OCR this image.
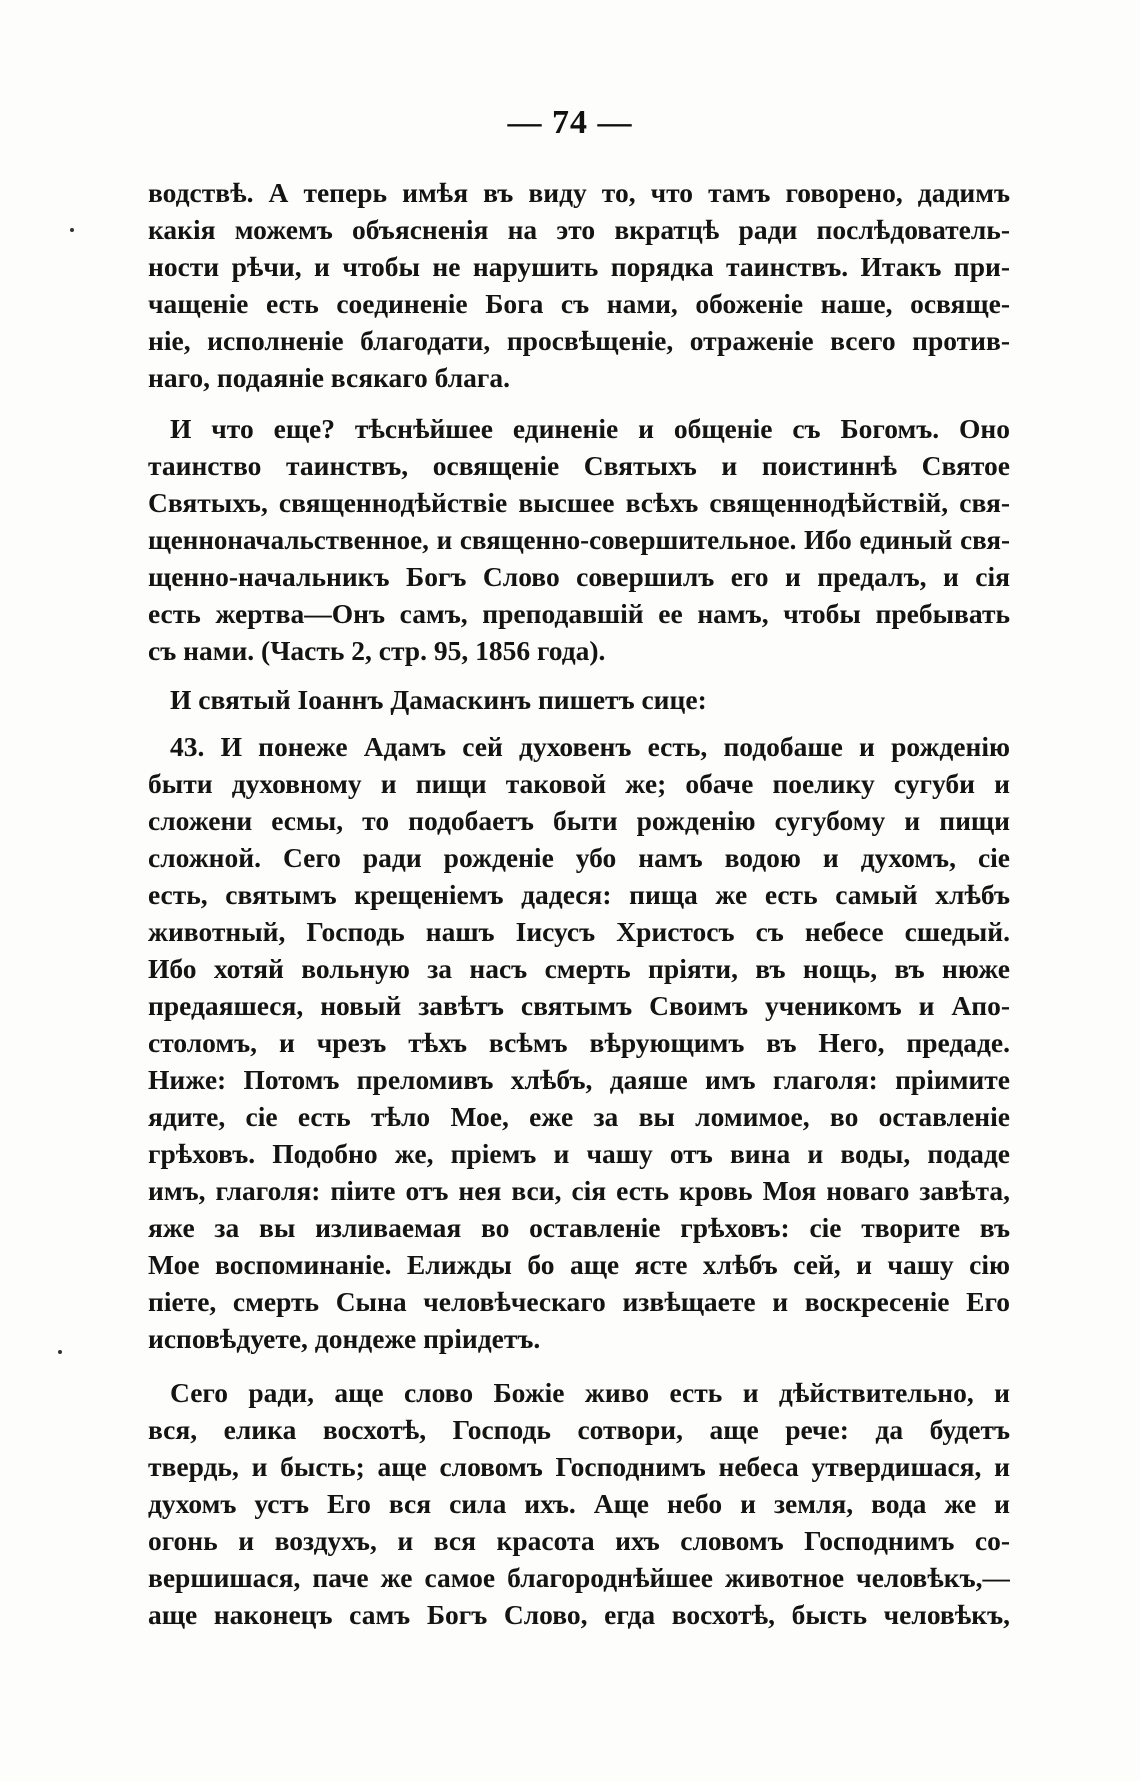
— 74 —
водствѣ. А теперь имѣя въ виду то, что тамъ говорено, дадимъ
какія можемъ объясненія на это вкратцѣ ради послѣдователь-
ности рѣчи, и чтобы не нарушить порядка таинствъ. Итакъ при-
чащеніе есть соединеніе Бога съ нами, обоженіе наше, освяще-
ніе, исполненіе благодати, просвѣщеніе, отраженіе всего против-
наго, подаяніе всякаго блага.
И что еще? тѣснѣйшее единеніе и общеніе съ Богомъ. Оно
таинство таинствъ, освященіе Святыхъ и поистиннѣ Святое
Святыхъ, священнодѣйствіе высшее всѣхъ священнодѣйствій, свя-
щенноначальственное, и священно-совершительное. Ибо единый свя-
щенно-начальникъ Богъ Слово совершилъ его и предалъ, и сія
есть жертва—Онъ самъ, преподавшій ее намъ, чтобы пребывать
съ нами. (Часть 2, стр. 95, 1856 года).
И святый Іоаннъ Дамаскинъ пишетъ сице:
43. И понеже Адамъ сей духовенъ есть, подобаше и рожденію
быти духовному и пищи таковой же; обаче поелику сугуби и
сложени есмы, то подобаетъ быти рожденію сугубому и пищи
сложной. Сего ради рожденіе убо намъ водою и духомъ, сіе
есть, святымъ крещеніемъ дадеся: пища же есть самый хлѣбъ
животный, Господь нашъ Іисусъ Христосъ съ небесе сшедый.
Ибо хотяй вольную за насъ смерть пріяти, въ нощь, въ нюже
предаяшеся, новый завѣтъ святымъ Своимъ ученикомъ и Апо-
столомъ, и чрезъ тѣхъ всѣмъ вѣрующимъ въ Него, предаде.
Ниже: Потомъ преломивъ хлѣбъ, даяше имъ глаголя: пріимите
ядите, сіе есть тѣло Мое, еже за вы ломимое, во оставленіе
грѣховъ. Подобно же, пріемъ и чашу отъ вина и воды, подаде
имъ, глаголя: піите отъ нея вси, сія есть кровь Моя новаго завѣта,
яже за вы изливаемая во оставленіе грѣховъ: сіе творите въ
Мое воспоминаніе. Елижды бо аще ясте хлѣбъ сей, и чашу сію
піете, смерть Сына человѣческаго извѣщаете и воскресеніе Его
исповѣдуете, дондеже пріидетъ.
Сего ради, аще слово Божіе живо есть и дѣйствительно, и
вся, елика восхотѣ, Господь сотвори, аще рече: да будетъ
твердь, и бысть; аще словомъ Господнимъ небеса утвердишася, и
духомъ устъ Его вся сила ихъ. Аще небо и земля, вода же и
огонь и воздухъ, и вся красота ихъ словомъ Господнимъ со-
вершишася, паче же самое благороднѣйшее животное человѣкъ,—
аще наконецъ самъ Богъ Слово, егда восхотѣ, бысть человѣкъ,
